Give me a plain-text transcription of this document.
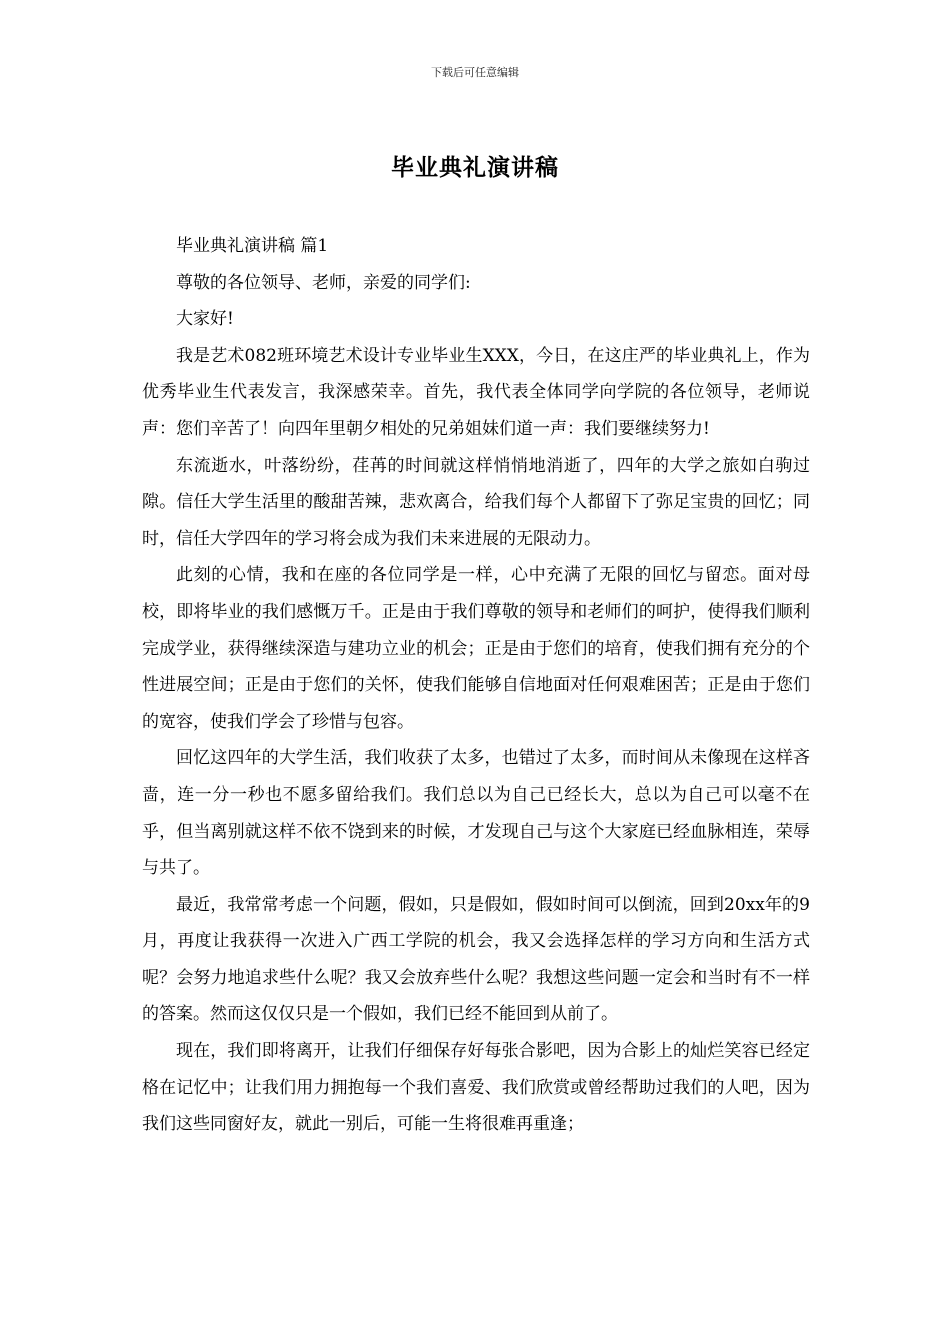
下载后可任意编辑
毕业典礼演讲稿

毕业典礼演讲稿 篇1

尊敬的各位领导、老师，亲爱的同学们:

大家好!

我是艺术082班环境艺术设计专业毕业生XXX，今日，在这庄严的毕业典礼上，作为优秀毕业生代表发言，我深感荣幸。首先，我代表全体同学向学院的各位领导，老师说声：您们辛苦了！向四年里朝夕相处的兄弟姐妹们道一声：我们要继续努力!

东流逝水，叶落纷纷，荏苒的时间就这样悄悄地消逝了，四年的大学之旅如白驹过隙。信任大学生活里的酸甜苦辣，悲欢离合，给我们每个人都留下了弥足宝贵的回忆；同时，信任大学四年的学习将会成为我们未来进展的无限动力。

此刻的心情，我和在座的各位同学是一样，心中充满了无限的回忆与留恋。面对母校，即将毕业的我们感慨万千。正是由于我们尊敬的领导和老师们的呵护，使得我们顺利完成学业，获得继续深造与建功立业的机会；正是由于您们的培育，使我们拥有充分的个性进展空间；正是由于您们的关怀，使我们能够自信地面对任何艰难困苦；正是由于您们的宽容，使我们学会了珍惜与包容。

回忆这四年的大学生活，我们收获了太多，也错过了太多，而时间从未像现在这样吝啬，连一分一秒也不愿多留给我们。我们总以为自己已经长大，总以为自己可以毫不在乎，但当离别就这样不依不饶到来的时候，才发现自己与这个大家庭已经血脉相连，荣辱与共了。

最近，我常常考虑一个问题，假如，只是假如，假如时间可以倒流，回到20xx年的9月，再度让我获得一次进入广西工学院的机会，我又会选择怎样的学习方向和生活方式呢？会努力地追求些什么呢？我又会放弃些什么呢？我想这些问题一定会和当时有不一样的答案。然而这仅仅只是一个假如，我们已经不能回到从前了。

现在，我们即将离开，让我们仔细保存好每张合影吧，因为合影上的灿烂笑容已经定格在记忆中；让我们用力拥抱每一个我们喜爱、我们欣赏或曾经帮助过我们的人吧，因为我们这些同窗好友，就此一别后，可能一生将很难再重逢；
